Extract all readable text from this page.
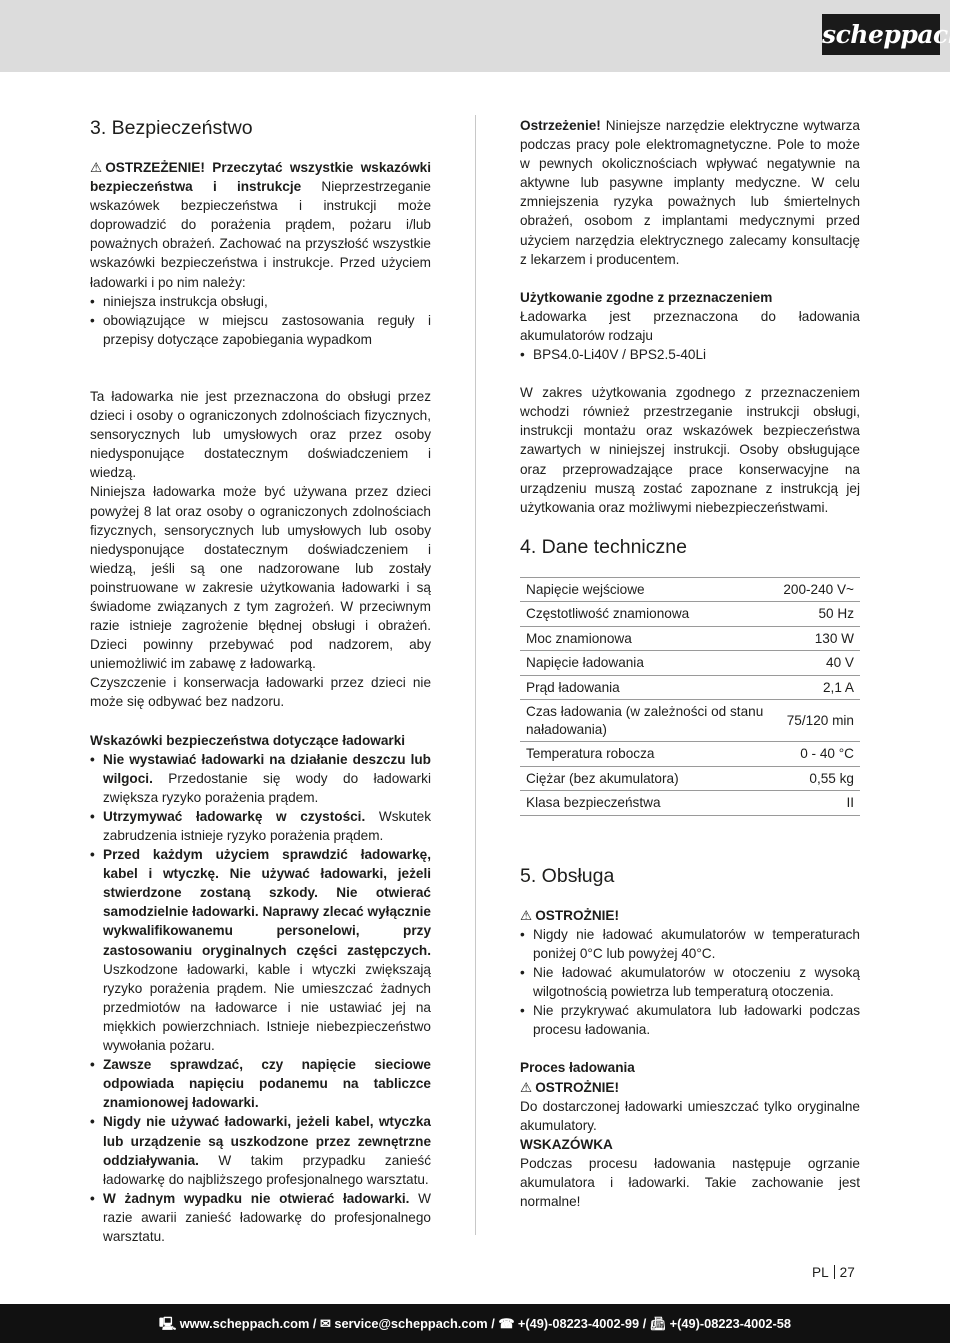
scheppach
3. Bezpieczeństwo

⚠ OSTRZEŻENIE! Przeczytać wszystkie wskazówki bezpieczeństwa i instrukcje Nieprzestrzeganie wskazówek bezpieczeństwa i instrukcji może doprowadzić do porażenia prądem, pożaru i/lub poważnych obrażeń. Zachować na przyszłość wszystkie wskazówki bezpieczeństwa i instrukcje. Przed użyciem ładowarki i po nim należy:

• niniejsza instrukcja obsługi,
• obowiązujące w miejscu zastosowania reguły i przepisy dotyczące zapobiegania wypadkom

Ta ładowarka nie jest przeznaczona do obsługi przez dzieci i osoby o ograniczonych zdolnościach fizycznych, sensorycznych lub umysłowych oraz przez osoby niedysponujące dostatecznym doświadczeniem i wiedzą.

Niniejsza ładowarka może być używana przez dzieci powyżej 8 lat oraz osoby o ograniczonych zdolnościach fizycznych, sensorycznych lub umysłowych lub osoby niedysponujące dostatecznym doświadczeniem i wiedzą, jeśli są one nadzorowane lub zostały poinstruowane w zakresie użytkowania ładowarki i są świadome związanych z tym zagrożeń. W przeciwnym razie istnieje zagrożenie błędnej obsługi i obrażeń. Dzieci powinny przebywać pod nadzorem, aby uniemożliwić im zabawę z ładowarką.

Czyszczenie i konserwacja ładowarki przez dzieci nie może się odbywać bez nadzoru.

Wskazówki bezpieczeństwa dotyczące ładowarki

• Nie wystawiać ładowarki na działanie deszczu lub wilgoci. Przedostanie się wody do ładowarki zwiększa ryzyko porażenia prądem.
• Utrzymywać ładowarkę w czystości. Wskutek zabrudzenia istnieje ryzyko porażenia prądem.
• Przed każdym użyciem sprawdzić ładowarkę, kabel i wtyczkę. Nie używać ładowarki, jeżeli stwierdzone zostaną szkody. Nie otwierać samodzielnie ładowarki. Naprawy zlecać wyłącznie wykwalifikowanemu personelowi, przy zastosowaniu oryginalnych części zastępczych. Uszkodzone ładowarki, kable i wtyczki zwiększają ryzyko porażenia prądem. Nie umieszczać żadnych przedmiotów na ładowarce i nie ustawiać jej na miękkich powierzchniach. Istnieje niebezpieczeństwo wywołania pożaru.
• Zawsze sprawdzać, czy napięcie sieciowe odpowiada napięciu podanemu na tabliczce znamionowej ładowarki.
• Nigdy nie używać ładowarki, jeżeli kabel, wtyczka lub urządzenie są uszkodzone przez zewnętrzne oddziaływania. W takim przypadku zanieść ładowarkę do najbliższego profesjonalnego warsztatu.
• W żadnym wypadku nie otwierać ładowarki. W razie awarii zanieść ładowarkę do profesjonalnego warsztatu.

Ostrzeżenie! Niniejsze narzędzie elektryczne wytwarza podczas pracy pole elektromagnetyczne. Pole to może w pewnych okolicznościach wpływać negatywnie na aktywne lub pasywne implanty medyczne. W celu zmniejszenia ryzyka poważnych lub śmiertelnych obrażeń, osobom z implantami medycznymi przed użyciem narzędzia elektrycznego zalecamy konsultację z lekarzem i producentem.

Użytkowanie zgodne z przeznaczeniem

Ładowarka jest przeznaczona do ładowania akumulatorów rodzaju

• BPS4.0-Li40V / BPS2.5-40Li

W zakres użytkowania zgodnego z przeznaczeniem wchodzi również przestrzeganie instrukcji obsługi, instrukcji montażu oraz wskazówek bezpieczeństwa zawartych w niniejszej instrukcji. Osoby obsługujące oraz przeprowadzające prace konserwacyjne na urządzeniu muszą zostać zapoznane z instrukcją jej użytkowania oraz możliwymi niebezpieczeństwami.

4. Dane techniczne
Napięcie wejściowe	200-240 V~
Częstotliwość znamionowa	50 Hz
Moc znamionowa	130 W
Napięcie ładowania	40 V
Prąd ładowania	2,1 A
Czas ładowania (w zależności od stanu naładowania)	75/120 min
Temperatura robocza	0 - 40 °C
Ciężar (bez akumulatora)	0,55 kg
Klasa bezpieczeństwa	II
5. Obsługa

⚠ OSTROŻNIE!

• Nigdy nie ładować akumulatorów w temperaturach poniżej 0°C lub powyżej 40°C.
• Nie ładować akumulatorów w otoczeniu z wysoką wilgotnością powietrza lub temperaturą otoczenia.
• Nie przykrywać akumulatora lub ładowarki podczas procesu ładowania.

Proces ładowania

⚠ OSTROŻNIE!

Do dostarczonej ładowarki umieszczać tylko oryginalne akumulatory.

WSKAZÓWKA

Podczas procesu ładowania następuje ogrzanie akumulatora i ładowarki. Takie zachowanie jest normalne!

PL 27
🖳︎ www.scheppach.com / ✉︎ service@scheppach.com / ☎︎ +(49)-08223-4002-99 / 📠︎ +(49)-08223-4002-58
